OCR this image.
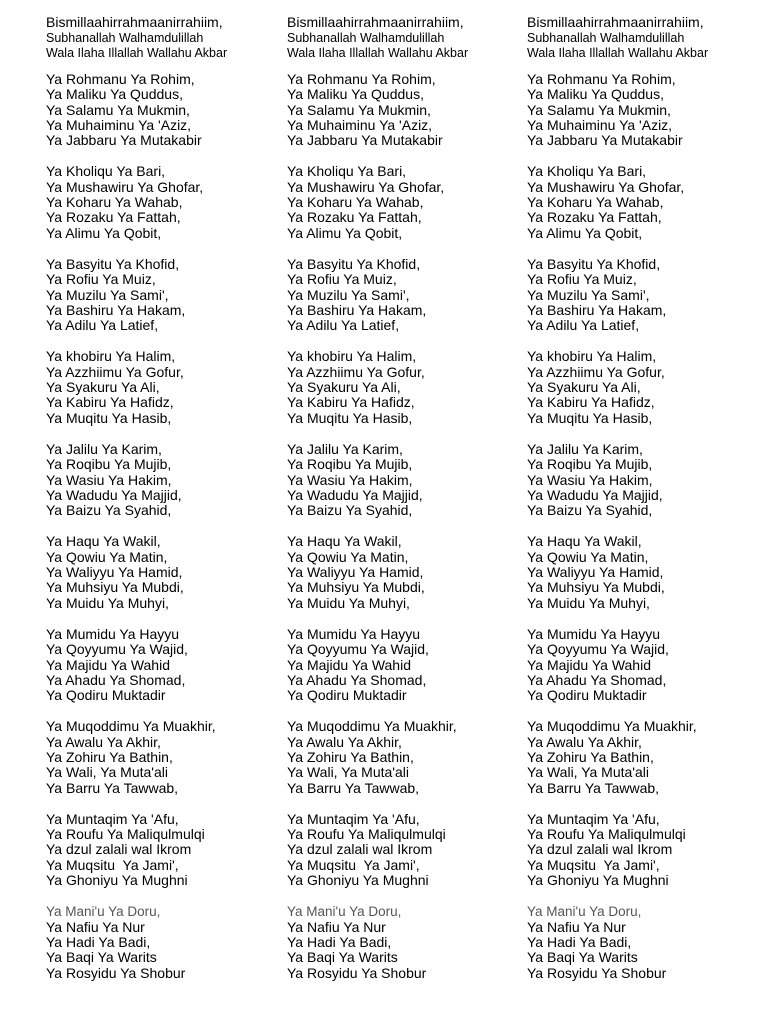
Bismillaahirrahmaanirrahiim,
Subhanallah Walhamdulillah
Wala Ilaha Illallah Wallahu Akbar
Ya Rohmanu Ya Rohim,
Ya Maliku Ya Quddus,
Ya Salamu Ya Mukmin,
Ya Muhaiminu Ya 'Aziz,
Ya Jabbaru Ya Mutakabir
Ya Kholiqu Ya Bari,
Ya Mushawiru Ya Ghofar,
Ya Koharu Ya Wahab,
Ya Rozaku Ya Fattah,
Ya Alimu Ya Qobit,
Ya Basyitu Ya Khofid,
Ya Rofiu Ya Muiz,
Ya Muzilu Ya Sami',
Ya Bashiru Ya Hakam,
Ya Adilu Ya Latief,
Ya khobiru Ya Halim,
Ya Azzhiimu Ya Gofur,
Ya Syakuru Ya Ali,
Ya Kabiru Ya Hafidz,
Ya Muqitu Ya Hasib,
Ya Jalilu Ya Karim,
Ya Roqibu Ya Mujib,
Ya Wasiu Ya Hakim,
Ya Wadudu Ya Majjid,
Ya Baizu Ya Syahid,
Ya Haqu Ya Wakil,
Ya Qowiu Ya Matin,
Ya Waliyyu Ya Hamid,
Ya Muhsiyu Ya Mubdi,
Ya Muidu Ya Muhyi,
Ya Mumidu Ya Hayyu
Ya Qoyyumu Ya Wajid,
Ya Majidu Ya Wahid
Ya Ahadu Ya Shomad,
Ya Qodiru Muktadir
Ya Muqoddimu Ya Muakhir,
Ya Awalu Ya Akhir,
Ya Zohiru Ya Bathin,
Ya Wali, Ya Muta'ali
Ya Barru Ya Tawwab,
Ya Muntaqim Ya 'Afu,
Ya Roufu Ya Maliqulmulqi
Ya dzul zalali wal Ikrom
Ya Muqsitu  Ya Jami',
Ya Ghoniyu Ya Mughni
Ya Mani'u Ya Doru,
Ya Nafiu Ya Nur
Ya Hadi Ya Badi,
Ya Baqi Ya Warits
Ya Rosyidu Ya Shobur
Bismillaahirrahmaanirrahiim,
Subhanallah Walhamdulillah
Wala Ilaha Illallah Wallahu Akbar
Ya Rohmanu Ya Rohim,
Ya Maliku Ya Quddus,
Ya Salamu Ya Mukmin,
Ya Muhaiminu Ya 'Aziz,
Ya Jabbaru Ya Mutakabir
Ya Kholiqu Ya Bari,
Ya Mushawiru Ya Ghofar,
Ya Koharu Ya Wahab,
Ya Rozaku Ya Fattah,
Ya Alimu Ya Qobit,
Ya Basyitu Ya Khofid,
Ya Rofiu Ya Muiz,
Ya Muzilu Ya Sami',
Ya Bashiru Ya Hakam,
Ya Adilu Ya Latief,
Ya khobiru Ya Halim,
Ya Azzhiimu Ya Gofur,
Ya Syakuru Ya Ali,
Ya Kabiru Ya Hafidz,
Ya Muqitu Ya Hasib,
Ya Jalilu Ya Karim,
Ya Roqibu Ya Mujib,
Ya Wasiu Ya Hakim,
Ya Wadudu Ya Majjid,
Ya Baizu Ya Syahid,
Ya Haqu Ya Wakil,
Ya Qowiu Ya Matin,
Ya Waliyyu Ya Hamid,
Ya Muhsiyu Ya Mubdi,
Ya Muidu Ya Muhyi,
Ya Mumidu Ya Hayyu
Ya Qoyyumu Ya Wajid,
Ya Majidu Ya Wahid
Ya Ahadu Ya Shomad,
Ya Qodiru Muktadir
Ya Muqoddimu Ya Muakhir,
Ya Awalu Ya Akhir,
Ya Zohiru Ya Bathin,
Ya Wali, Ya Muta'ali
Ya Barru Ya Tawwab,
Ya Muntaqim Ya 'Afu,
Ya Roufu Ya Maliqulmulqi
Ya dzul zalali wal Ikrom
Ya Muqsitu  Ya Jami',
Ya Ghoniyu Ya Mughni
Ya Mani'u Ya Doru,
Ya Nafiu Ya Nur
Ya Hadi Ya Badi,
Ya Baqi Ya Warits
Ya Rosyidu Ya Shobur
Bismillaahirrahmaanirrahiim,
Subhanallah Walhamdulillah
Wala Ilaha Illallah Wallahu Akbar
Ya Rohmanu Ya Rohim,
Ya Maliku Ya Quddus,
Ya Salamu Ya Mukmin,
Ya Muhaiminu Ya 'Aziz,
Ya Jabbaru Ya Mutakabir
Ya Kholiqu Ya Bari,
Ya Mushawiru Ya Ghofar,
Ya Koharu Ya Wahab,
Ya Rozaku Ya Fattah,
Ya Alimu Ya Qobit,
Ya Basyitu Ya Khofid,
Ya Rofiu Ya Muiz,
Ya Muzilu Ya Sami',
Ya Bashiru Ya Hakam,
Ya Adilu Ya Latief,
Ya khobiru Ya Halim,
Ya Azzhiimu Ya Gofur,
Ya Syakuru Ya Ali,
Ya Kabiru Ya Hafidz,
Ya Muqitu Ya Hasib,
Ya Jalilu Ya Karim,
Ya Roqibu Ya Mujib,
Ya Wasiu Ya Hakim,
Ya Wadudu Ya Majjid,
Ya Baizu Ya Syahid,
Ya Haqu Ya Wakil,
Ya Qowiu Ya Matin,
Ya Waliyyu Ya Hamid,
Ya Muhsiyu Ya Mubdi,
Ya Muidu Ya Muhyi,
Ya Mumidu Ya Hayyu
Ya Qoyyumu Ya Wajid,
Ya Majidu Ya Wahid
Ya Ahadu Ya Shomad,
Ya Qodiru Muktadir
Ya Muqoddimu Ya Muakhir,
Ya Awalu Ya Akhir,
Ya Zohiru Ya Bathin,
Ya Wali, Ya Muta'ali
Ya Barru Ya Tawwab,
Ya Muntaqim Ya 'Afu,
Ya Roufu Ya Maliqulmulqi
Ya dzul zalali wal Ikrom
Ya Muqsitu  Ya Jami',
Ya Ghoniyu Ya Mughni
Ya Mani'u Ya Doru,
Ya Nafiu Ya Nur
Ya Hadi Ya Badi,
Ya Baqi Ya Warits
Ya Rosyidu Ya Shobur
